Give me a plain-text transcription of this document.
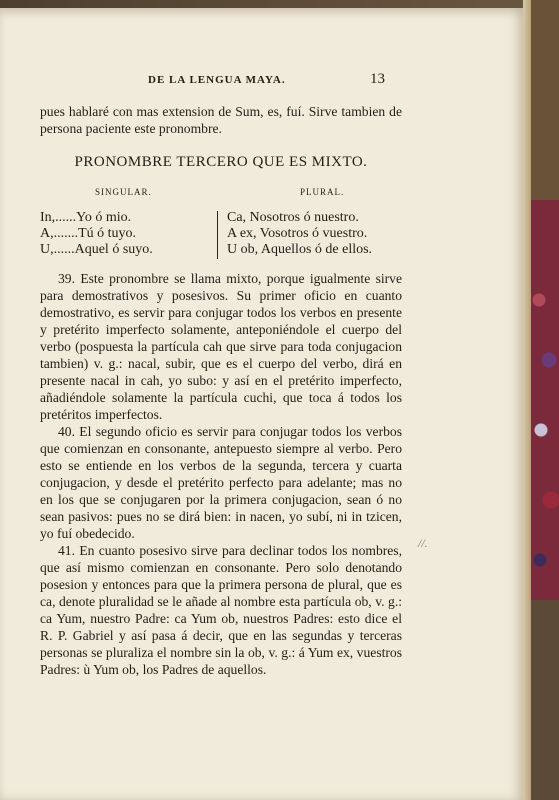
DE LA LENGUA MAYA.	13

pues hablaré con mas extension de Sum, es, fuí. Sirve tambien de persona paciente este pronombre.

PRONOMBRE TERCERO QUE ES MIXTO.
SINGULAR.	PLURAL.
In,......Yo ó mio.
A,.......Tú ó tuyo.
U,......Aquel ó suyo.
Ca, Nosotros ó nuestro.
A ex, Vosotros ó vuestro.
U ob, Aquellos ó de ellos.

39. Este pronombre se llama mixto, porque igualmente sirve para demostrativos y posesivos. Su primer oficio en cuanto demostrativo, es servir para conjugar todos los verbos en presente y pretérito imperfecto solamente, anteponiéndole el cuerpo del verbo (pospuesta la partícula cah que sirve para toda conjugacion tambien) v. g.: nacal, subir, que es el cuerpo del verbo, dirá en presente nacal in cah, yo subo: y así en el pretérito imperfecto, añadiéndole solamente la partícula cuchi, que toca á todos los pretéritos imperfectos.

40. El segundo oficio es servir para conjugar todos los verbos que comienzan en consonante, antepuesto siempre al verbo. Pero esto se entiende en los verbos de la segunda, tercera y cuarta conjugacion, y desde el pretérito perfecto para adelante; mas no en los que se conjugaren por la primera conjugacion, sean ó no sean pasivos: pues no se dirá bien: in nacen, yo subí, ni in tzicen, yo fuí obedecido.

41. En cuanto posesivo sirve para declinar todos los nombres, que así mismo comienzan en consonante. Pero solo denotando posesion y entonces para que la primera persona de plural, que es ca, denote pluralidad se le añade al nombre esta partícula ob, v. g.: ca Yum, nuestro Padre: ca Yum ob, nuestros Padres: esto dice el R. P. Gabriel y así pasa á decir, que en las segundas y terceras personas se pluraliza el nombre sin la ob, v. g.: á Yum ex, vuestros Padres: ù Yum ob, los Padres de aquellos.

//.
